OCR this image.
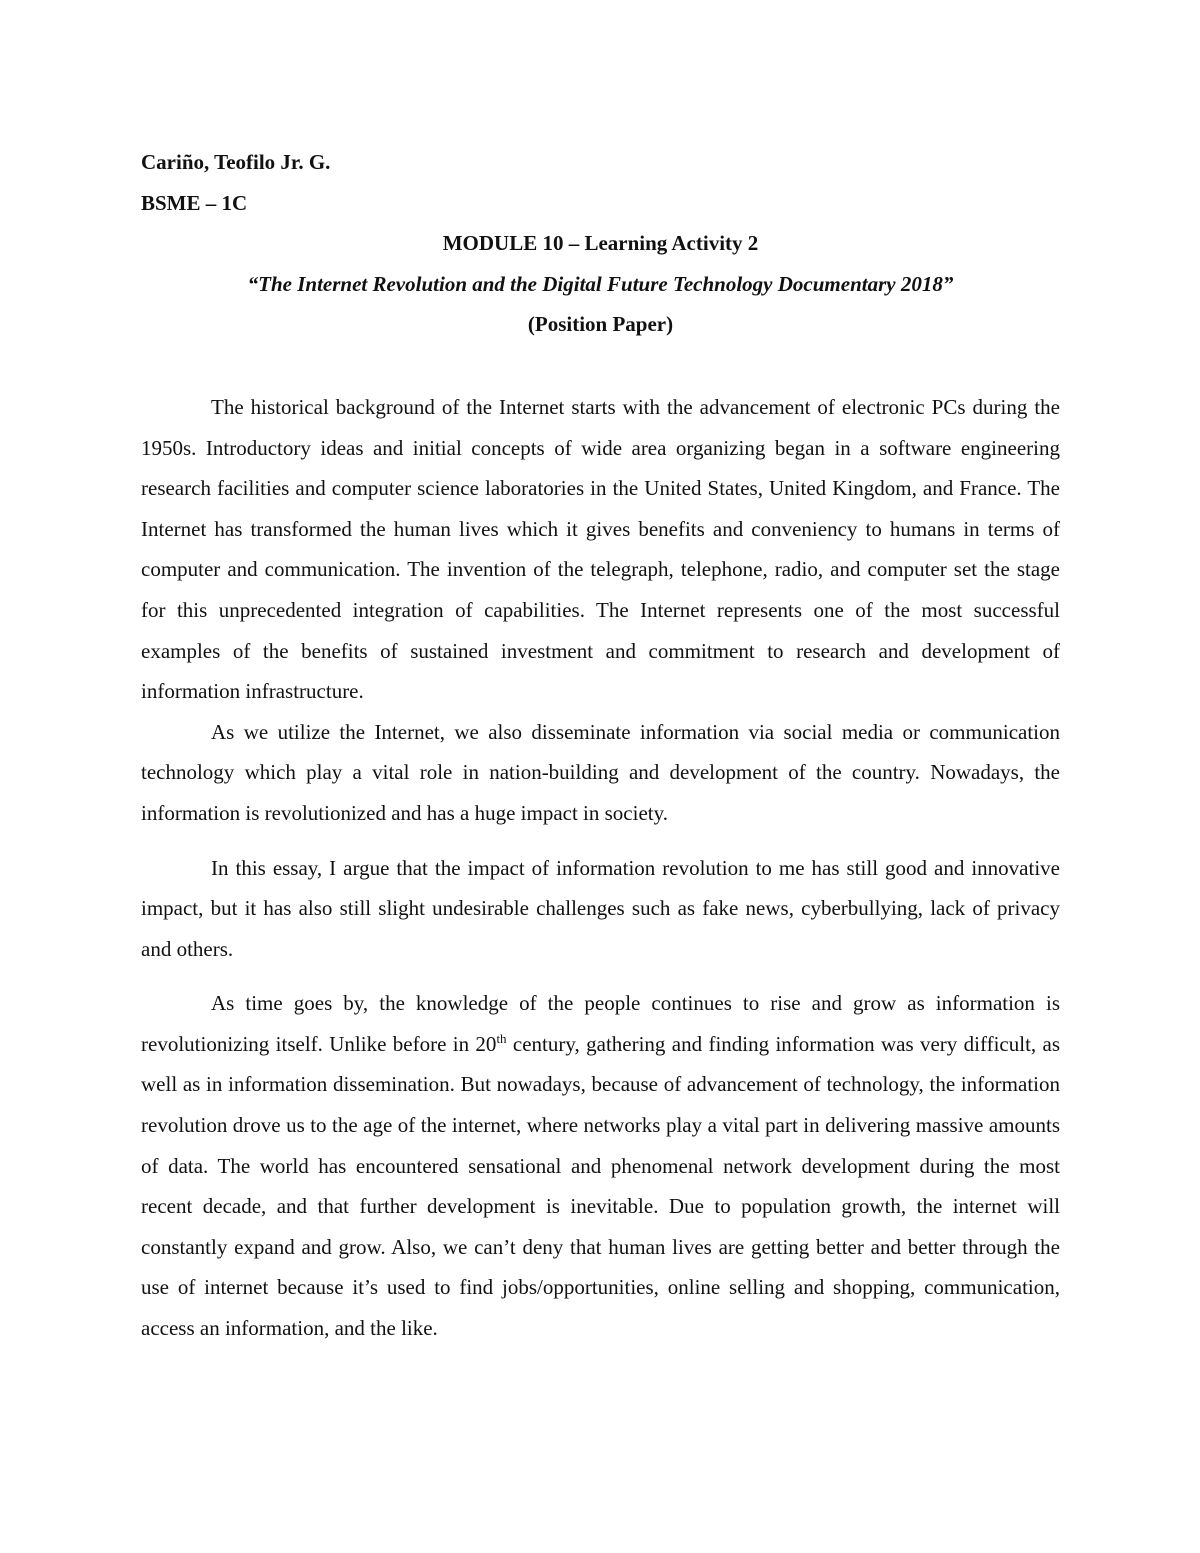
Cariño, Teofilo Jr. G.

BSME – 1C

MODULE 10 – Learning Activity 2

“The Internet Revolution and the Digital Future Technology Documentary 2018”

(Position Paper)

The historical background of the Internet starts with the advancement of electronic PCs during the 1950s. Introductory ideas and initial concepts of wide area organizing began in a software engineering research facilities and computer science laboratories in the United States, United Kingdom, and France. The Internet has transformed the human lives which it gives benefits and conveniency to humans in terms of computer and communication. The invention of the telegraph, telephone, radio, and computer set the stage for this unprecedented integration of capabilities. The Internet represents one of the most successful examples of the benefits of sustained investment and commitment to research and development of information infrastructure.

As we utilize the Internet, we also disseminate information via social media or communication technology which play a vital role in nation-building and development of the country. Nowadays, the information is revolutionized and has a huge impact in society.

In this essay, I argue that the impact of information revolution to me has still good and innovative impact, but it has also still slight undesirable challenges such as fake news, cyberbullying, lack of privacy and others.

As time goes by, the knowledge of the people continues to rise and grow as information is revolutionizing itself. Unlike before in 20th century, gathering and finding information was very difficult, as well as in information dissemination. But nowadays, because of advancement of technology, the information revolution drove us to the age of the internet, where networks play a vital part in delivering massive amounts of data. The world has encountered sensational and phenomenal network development during the most recent decade, and that further development is inevitable. Due to population growth, the internet will constantly expand and grow. Also, we can’t deny that human lives are getting better and better through the use of internet because it’s used to find jobs/opportunities, online selling and shopping, communication, access an information, and the like.
